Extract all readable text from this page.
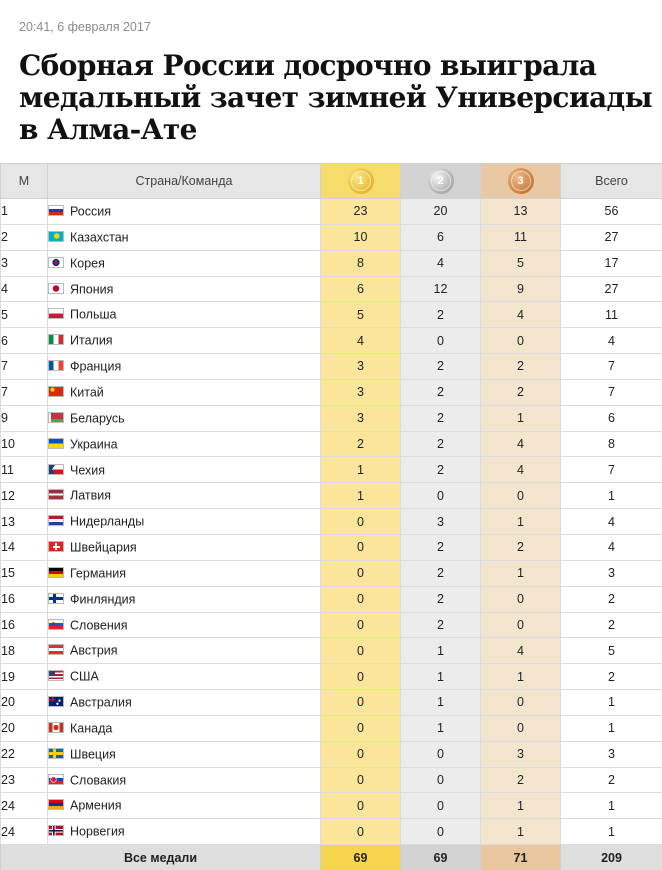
20:41, 6 февраля 2017
Сборная России досрочно выиграла медальный зачет зимней Универсиады в Алма-Ате
М	Страна/Команда	1	2	3	Всего
1	Россия	23	20	13	56
2	Казахстан	10	6	11	27
3	Корея	8	4	5	17
4	Япония	6	12	9	27
5	Польша	5	2	4	11
6	Италия	4	0	0	4
7	Франция	3	2	2	7
7	Китай	3	2	2	7
9	Беларусь	3	2	1	6
10	Украина	2	2	4	8
11	Чехия	1	2	4	7
12	Латвия	1	0	0	1
13	Нидерланды	0	3	1	4
14	Швейцария	0	2	2	4
15	Германия	0	2	1	3
16	Финляндия	0	2	0	2
16	Словения	0	2	0	2
18	Австрия	0	1	4	5
19	США	0	1	1	2
20	Австралия	0	1	0	1
20	Канада	0	1	0	1
22	Швеция	0	0	3	3
23	Словакия	0	0	2	2
24	Армения	0	0	1	1
24	Норвегия	0	0	1	1
Все медали		69	69	71	209
